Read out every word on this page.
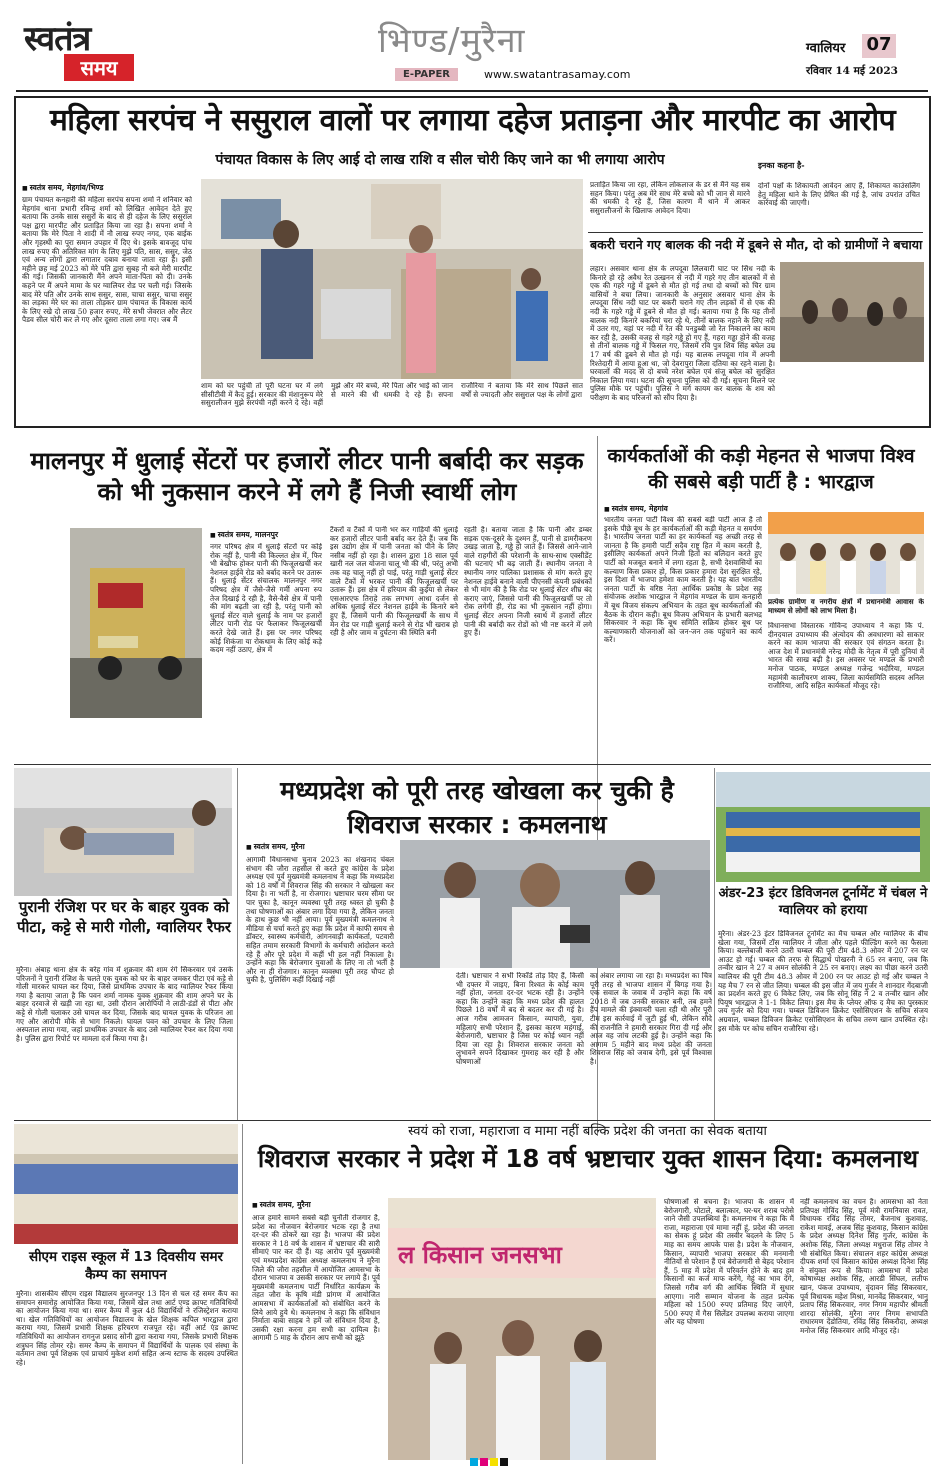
स्वतंत्र
समय
भिण्ड/मुरैना
E-PAPER	www.swatantrasamay.com
ग्वालियर 07
रविवार 14 मई 2023
महिला सरपंच ने ससुराल वालों पर लगाया दहेज प्रताड़ना और मारपीट का आरोप
पंचायत विकास के लिए आई दो लाख राशि व सील चोरी किए जाने का भी लगाया आरोप
■ स्वतंत्र समय, मेहगांव/भिण्ड
ग्राम पंचायत कनहारी की महिला सरपंच सपना शर्मा ने शनिवार को मेहगांव थाना प्रभारी रविन्द्र शर्मा को लिखित आवेदन देते हुए बताया कि उनके सास ससुरों के बाद से ही दहेज के लिए ससुराल पक्ष द्वारा मारपीट और प्रताड़ित किया जा रहा है। सपना शर्मा ने बताया कि मेरे पिता ने शादी में नौ लाख रुपए नगद, एक बाईक और गृहस्थी का पूरा समान उपहार में दिए थे। इसके बावजूद पांच लाख रुपए की अतिरिक्त मांग के लिए मुझे पति, सास, ससुर, जेठ एवं अन्य लोगों द्वारा लगातार दबाव बनाया जाता रहा है। इसी महीने छह मई 2023 को मेरे पति द्वारा सुबह नौ बजे मेरी मारपीट की गई। जिसकी जानकारी मैंने अपने माता-पिता को दी। उनके कहने पर मैं अपने मामा के घर ग्वालियर रोड पर चली गई। जिसके बाद मेरे पति और उनके साथ ससुर, सास, चाचा ससुर, चाचा ससुर का लड़का मेरे घर का ताला तोड़कर ग्राम पंचायत के विकास कार्य के लिए रखे दो लाख 50 हजार रुपए, मेरे सभी जेवरात और लैटर पैडव सील चोरी कर ले गए और दूसरा ताला लगा गए। जब मैं
शाम को घर पहुंची तो पूरी घटना घर में लगे सीसीटीवी में कैद हुई। सरकार की मंशानुरूप मेरे ससुरालीजन मुझे सरपंची नहीं करने दे रहे। वहीं मुझे और मेरे बच्चे, मेरे पिता और भाई को जान से मारने की धी धमकी दे रहे हैं। सपना राजौरिया ने बताया कि मेरे साथ पिछले सात वर्षों से ज्यादती और ससुराल पक्ष के लोगों द्वारा
प्रताड़ित किया जा रहा, लेकिन लोकलाज के डर से मैंने यह सब सहन किया। परंतु अब मेरे साथ मेरे बच्चे को भी जान से मारने की धमकी दे रहे हैं, जिस कारण मैं थाने में आकर ससुरालीजनों के खिलाफ आवेदन दिया।
इनका कहना है-
दोनों पक्षों के शिकायती आवेदन आए हैं, शिकायत काउंसलिंग हेतु महिला थाने के लिए प्रेषित की गई है, जांच उपरांत उचित कार्रवाई की जाएगी।
बकरी चराने गए बालक की नदी में डूबने से मौत, दो को ग्रामीणों ने बचाया
लहार। असवार थाना क्षेत्र के लपदूवा लिलवारी घाट पर सिंध नदी के किनारे हो रहे अवैध रेत उत्खनन से नदी में गहरे गए तीन बालकों में से एक की गहरे गड्ढे में डूबने से मौत हो गई तथा दो बच्चों को चिर ग्राम वासियों ने बचा लिया। जानकारी के अनुसार असवार थाना क्षेत्र के लपदूवा सिंध नदी घाट पर बकरी चराने गए तीन लड़कों में से एक की नदी के गहरे गड्ढे में डूबने से मौत हो गई। बताया गया है कि यह तीनों बालक नदी किनारे बकरियां चरा रहे थे, तीनों बालक नहाने के लिए नदी में उतर गए, यहां पर नदी में रेत की पनडुब्बी जो रेत निकालने का काम कर रही है, उसकी वजह से गहरे गड्ढे हो गए हैं, गहरा गड्ढा होने की वजह से तीनों बालक गड्ढे में फिसल गए, जिसमें रवि पुत्र शिव सिंह बघेल उम्र 17 वर्ष की डूबने से मौत हो गई। यह बालक लपदूवा गांव में अपनी रिश्तेदारी में आया हुआ था, जो देवरापुरा जिला दतिया का रहने वाला है। घरवालों की मदद से दो बच्चे नरेश बघेल एवं संजू बघेल को सुरक्षित निकाल लिया गया। घटना की सूचना पुलिस को दी गई। सूचना मिलने पर पुलिस मौके पर पहुंची। पुलिस ने मर्ग कायम कर बालक के शव को परीक्षण के बाद परिजनों को सौंप दिया है।
मालनपुर में धुलाई सेंटरों पर हजारों लीटर पानी बर्बादी कर सड़क को भी नुकसान करने में लगे हैं निजी स्वार्थी लोग
■ स्वतंत्र समय, मालनपुर
नगर परिषद क्षेत्र में धुलाई सेंटरों पर कोई रोक नहीं है, पानी की किल्लत क्षेत्र में, फिर भी बेखौफ होकर पानी की फिजूलखर्ची कर नेशनल हाईवे रोड को बर्बाद करने पर उतारू हैं। धुलाई सेंटर संचालक मालनपुर नगर परिषद क्षेत्र में जैसे-जैसे गर्मी अपना रुप तेज दिखाई दे रही है, वैसे-वैसे क्षेत्र में पानी की मांग बढ़ती जा रही है, परंतु पानी को धुलाई सेंटर वाले धुलाई के नाम पर हजारों लीटर पानी रोड पर फैलाकर फिजूलखर्ची करते देखे जाते हैं। इस पर नगर परिषद कोई शिकंजा या रोकथाम के लिए कोई कड़े कदम नहीं उठाए, क्षेत्र में
टैंकरों व टैंकों में पानी भर कर गाड़ियों की धुलाई कर हजारों लीटर पानी बर्बाद कर देते हैं। जब कि इस उद्योग क्षेत्र में पानी जनता को पीने के लिए नसीब नहीं हो रहा है। शासन द्वारा 18 साल पूर्व खारी नल जल योजना चालू भी की थी, परंतु अभी तक वह चालू नहीं हो पाई, परंतु गाड़ी धुलाई सेंटर वाले टैंकों में भरकर पानी की फिजूलखर्ची पर उतारू हैं। इस क्षेत्र में हरियाम की कुईया से लेकर एसआरएफ तिराहे तक लगभग आधा दर्जन से अधिक धुलाई सेंटर नेशनल हाईवे के किनारे बने हुए हैं, जिसमें पानी की फिजूलखर्ची के साथ में मेन रोड पर गाड़ी धुलाई करने से रोड भी खराब हो रही है और जाम व दुर्घटना की स्थिति बनी
रहती है। बताया जाता है कि पानी और डम्बर सड़क एक-दूसरे के दुश्मन हैं, पानी से डामरीकरण उखड़ जाता है, गड्ढे हो जाते हैं। जिससे आने-जाने वाले राहगीरों की परेशानी के साथ-साथ एक्सीडेंट की घटनाएं भी बढ़ जाती हैं। स्थानीय जनता ने स्थानीय नगर पालिका प्रशासक से मांग करते हुए नेशनल हाईवे बनाने वाली पीएनसी कंपनी प्रबंधकों से भी मांग की है कि रोड पर धुलाई सेंटर शीघ्र बंद कराए जाएं, जिससे पानी की फिजूलखर्ची पर तो रोक लगेगी ही, रोड का भी नुकसान नहीं होगा। धुलाई सेंटर अपना निजी स्वार्थ में हजारों लीटर पानी की बर्बादी कर रोडों को भी नष्ट करने में लगे हुए हैं।
कार्यकर्ताओं की कड़ी मेहनत से भाजपा विश्व की सबसे बड़ी पार्टी है : भारद्वाज
■ स्वतंत्र समय, मेहगांव
भारतीय जनता पार्टी विश्व की सबसे बड़ी पार्टी आज है तो इसके पीछे बूथ के हर कार्यकर्ताओं की कड़ी मेहनत व समर्पण है। भारतीय जनता पार्टी का हर कार्यकर्ता यह अच्छी तरह से जानता है कि हमारी पार्टी सदैव राष्ट्र हित में काम करती है, इसीलिए कार्यकर्ता अपने निजी हितों का बलिदान करते हुए पार्टी को मजबूत बनाने में लगा रहता है, सभी देशवासियों का कल्याण किस प्रकार हो, किस प्रकार हमारा देश सुरक्षित रहे, इस दिशा में भाजपा हमेशा काम करती है। यह बात भारतीय जनता पार्टी के वरिष्ठ नेता आर्थिक प्रकोष्ठ के प्रदेश सह संयोजक अशोक भारद्वाज ने मेहगांव मण्डल के ग्राम कनहारी में बूथ विजय संकल्प अभियान के तहत बूथ कार्यकर्ताओं की बैठक के दौरान कही। बूथ विजय अभियान के प्रभारी बलभद्र सिकरवार ने कहा कि बूथ समिति सक्रिय होकर बूथ पर कल्याणकारी योजनाओं को जन-जन तक पहुंचाने का कार्य करें।
प्रत्येक ग्रामीण व नगरीय क्षेत्रों में प्रधानमंत्री आवास के माध्यम से लोगों को लाभ मिला है।
विधानसभा विस्तारक गोविन्द उपाध्याय ने कहा कि पं. दीनदयाल उपाध्याय की अंत्योदय की अवधारणा को साकार करने का काम भाजपा की सरकार एवं संगठन करता है। आज देश में प्रधानमंत्री नरेन्द्र मोदी के नेतृत्व में पूरी दुनियां में भारत की साख बढ़ी है। इस अवसर पर मण्डल के प्रभारी मनोज पाठक, मण्डल अध्यक्ष गजेन्द्र भदौरिया, मण्डल महामंत्री कालीचरण शाक्य, जिला कार्यसमिति सदस्य अनिल राजौरिया, आदि सहित कार्यकर्ता मौजूद रहे।
पुरानी रंजिश पर घर के बाहर युवक को पीटा, कट्टे से मारी गोली, ग्वालियर रैफर
मुरैना। अंबाह थाना क्षेत्र के बरेह गांव में शुक्रवार की शाम रंगे सिकरवार एवं उसके परिजनों ने पुरानी रंजिश के चलते एक युवक को घर के बाहर जमकर पीटा एवं कट्टे से गोली मारकर घायल कर दिया, जिसे प्राथमिक उपचार के बाद ग्वालियर रैफर किया गया है बताया जाता है कि पवन शर्मा नामक युवक शुक्रवार की शाम अपने घर के बाहर दरवाजे से खड़ी जा रहा था, उसी दौरान आरोपियों ने लाठी-डंडों से पीटा और कट्टे से गोली चलाकर उसे घायल कर दिया, जिसके बाद घायल युवक के परिजन आ गए और आरोपी मौके से भाग निकले। घायल पवन को उपचार के लिए जिला अस्पताल लाया गया, जहां प्राथमिक उपचार के बाद उसे ग्वालियर रैफर कर दिया गया है। पुलिस द्वारा रिपोर्ट पर मामला दर्ज किया गया है।
मध्यप्रदेश को पूरी तरह खोखला कर चुकी है शिवराज सरकार : कमलनाथ
■ स्वतंत्र समय, मुरैना
आगामी विधानसभा चुनाव 2023 का शंखनाद चंबल संभाग की जौरा तहसील से करते हुए कांग्रेस के प्रदेश अध्यक्ष एवं पूर्व मुख्यमंत्री कमलनाथ ने कहा कि मध्यप्रदेश को 18 वर्षों में शिवराज सिंह की सरकार ने खोखला कर दिया है। ना भर्ती है, ना रोजगार। भ्रष्टाचार चरम सीमा पर पार चुका है, कानून व्यवस्था पूरी तरह ध्वस्त हो चुकी है तथा घोषणाओं का अंबार लगा दिया गया है, लेकिन जनता के हाथ कुछ भी नहीं आया। पूर्व मुख्यमंत्री कमलनाथ ने मीडिया से चर्चा करते हुए कहा कि प्रदेश में काफी समय से डॉक्टर, स्वास्थ्य कर्मचारी, आंगनवाड़ी कार्यकर्ता, पटवारी सहित तमाम सरकारी विभागों के कर्मचारी आंदोलन करते रहे हैं और पूरे प्रदेश में कहीं भी हल नहीं निकाला है। उन्होंने कहा कि बेरोजगार युवाओं के लिए ना तो भर्ती है और ना ही रोजगार। कानून व्यवस्था पूरी तरह चौपट हो चुकी है, पुलिसिंग कहीं दिखाई नहीं	देती। भ्रष्टाचार ने सभी रिकॉर्ड तोड़ दिए हैं, किसी भी दफ्तर में जाइए, बिना रिश्वत के कोई काम नहीं होता, जनता दर-दर भटक रही है। उन्होंने कहा कि उन्होंने कहा कि मध्य प्रदेश की हालत पिछले 18 वर्षों में बद से बदतर कर दी गई है। आज गरीब आमजन किसान, व्यापारी, युवा, महिलाएं सभी परेशान हैं, इसका कारण महंगाई, बेरोजगारी, भ्रष्टाचार है जिस पर कोई ध्यान नहीं दिया जा रहा है। शिवराज सरकार जनता को लुभावने सपने दिखाकर गुमराह कर रही है और घोषणाओं
का अंबार लगाया जा रहा है। मध्यप्रदेश का चित्र पूरी तरह से भाजपा शासन में बिगड़ गया है। एक सवाल के जवाब में उन्होंने कहा कि वर्ष 2018 में जब उनकी सरकार बनी, तब हमने हैंप मामले की इंक्वायरी चला रही थी और पूरी टीम इस कार्रवाई में जुटी हुई थी, लेकिन सौदे की राजनीति ने हमारी सरकार गिरा दी गई और आज वह जांच लटकी हुई है। उन्होंने कहा कि आगाम 5 महीने बाद मध्य प्रदेश की जनता शिवराज सिंह को जवाब देगी, इसे पूर्व विश्वास है।
अंडर-23 इंटर डिविजनल टूर्नामेंट में चंबल ने ग्वालियर को हराया
मुरैना। अंडर-23 इंटर डिविजनल टूर्नामेंट का मैच चम्बल और ग्वालियर के बीच खेला गया, जिसमें टॉस ग्वालियर ने जीता और पहले फील्डिंग करने का फैसला किया। बल्लेबाजी करने उतरी चम्बल की पूरी टीम 48.3 ओवर में 207 रन पर आउट हो गई। चम्बल की तरफ से सिद्धार्थ पोखरनी ने 65 रन बनाए, जब कि तन्वीर खान ने 27 व अमन सोलंकी ने 25 रन बनाए। लक्ष्य का पीछा करने उतरी ग्वालियर की पूरी टीम 48.3 ओवर में 200 रन पर आउट हो गई और चम्बल ने यह मैच 7 रन से जीत लिया। चम्बल की इस जीत में जय गुर्जर ने शानदार गेंदबाजी का प्रदर्शन करते हुए 6 विकेट लिए, जब कि सोनू सिंह ने 2 व तन्वीर खान और पियूष भारद्वाज ने 1-1 विकेट लिया। इस मैच के प्लेयर ऑफ द मैच का पुरस्कार जय गुर्जर को दिया गया। चम्बल डिविजन क्रिकेट एसोसिएशन के सचिव संजय अग्रवाल, चम्बल डिविजन क्रिकेट एसोसिएशन के सचिव तरुण खान उपस्थित रहे। इस मौके पर कोच सचिन राजौरिया रहे।
सीएम राइस स्कूल में 13 दिवसीय समर कैम्प का समापन
मुरैना। शासकीय सीएम राइस विद्यालय सुरजनपुर 13 दिन से चल रहे समर कैंप का समापन समारोह आयोजित किया गया, जिसमें खेल तथा आर्ट एण्ड क्राफ्ट गतिविधियों का आयोजन किया गया था। समर कैम्प में कुल 48 विद्यार्थियों ने रजिस्ट्रेशन कराया था। खेल गतिविधियों का आयोजन विद्यालय के खेल शिक्षक कपिल भारद्वाज द्वारा कराया गया, जिसमें प्रभारी शिक्षक हरिचरण राजपूत रहे। वहीं आर्ट एंड क्राफ्ट गतिविधियों का आयोजन रागनुज प्रसाद सोनी द्वारा कराया गया, जिसके प्रभारी शिक्षक शत्रुघन सिंह तोमर रहे। समर कैम्प के समापन में विद्यार्थियों के पालक एवं संस्था के वर्तमान तथा पूर्व शिक्षक एवं प्राचार्य मुकेश शर्मा सहित अन्य स्टाफ के सदस्य उपस्थित रहे।
स्वयं को राजा, महाराजा व मामा नहीं बल्कि प्रदेश की जनता का सेवक बताया
शिवराज सरकार ने प्रदेश में 18 वर्ष भ्रष्टाचार युक्त शासन दिया: कमलनाथ
■ स्वतंत्र समय, मुरैना
आज हमारे सामने सबसे बड़ी चुनौती रोजगार है, प्रदेश का नौजवान बेरोजगार भटक रहा है तथा दर-दर की ठोकरें खा रहा है। भाजपा की प्रदेश सरकार ने 18 वर्ष के शासन में भ्रष्टाचार की सारी सीमाएं पार कर दी हैं। यह आरोप पूर्व मुख्यमंत्री एवं मध्यप्रदेश कांग्रेस अध्यक्ष कमलनाथ ने मुरैना जिले की जौरा तहसील में आयोजित आमसभा के दौरान भाजपा व उसकी सरकार पर लगाये हैं। पूर्व मुख्यमंत्री कमलनाथ पार्टी निर्धारित कार्यक्रम के तहत जौरा के कृषि मंडी प्रांगण में आयोजित आमसभा में कार्यकर्ताओं को संबोधित करने के लिये आये हुये थे। कमलनाथ ने कहा कि संविधान निर्माता बाबा साहब ने हमें जो संविधान दिया है, उसकी रक्षा करना हम सभी का दायित्व है। आगामी 5 माह के दौरान आप सभी को झूठे
ल किसान जनसभा
घोषणाओं से बचना है। भाजपा के शासन में बेरोजगारी, घोटाले, बलात्कार, घर-घर शराब परोसे जाने जैसी उपलब्धियां हैं। कमलनाथ ने कहा कि मैं राजा, महाराजा एवं मामा नहीं हूं, प्रदेश की जनता का सेवक हूं प्रदेश की तस्वीर बदलने के लिए 5 माह का समय आपके पास है। प्रदेश के नौजवान, किसान, व्यापारी भाजपा सरकार की मनमानी नीतियों से परेशान हैं एवं बेरोजगारी से बेहद परेशान हैं, 5 माह में प्रदेश में परिवर्तन होने के बाद हम किसानों का कर्ज माफ करेंगे, गेहूं का भाव देंगे, जिससे गरीब वर्ग की आर्थिक स्थिति में सुधार आएगा। नारी सम्मान योजना के तहत प्रत्येक महिला को 1500 रुपए प्रतिमाह दिए जाएंगे, 500 रुपए में गैस सिलेंडर उपलब्ध कराया जाएगा और यह घोषणा
नहीं कमलनाथ का वचन है। आमसभा को नेता प्रतिपक्ष गोविंद सिंह, पूर्व मंत्री रामनिवास रावत, विधायक रविंद्र सिंह तोमर, बैजनाथ कुशवाह, राकेश मावई, अजब सिंह कुशवाह, किसान कांग्रेस के प्रदेश अध्यक्ष दिनेश सिंह गुर्जर, कांग्रेस के अशोक सिंह, जिला अध्यक्ष मधुराज सिंह तोमर ने भी संबोधित किया। संचालन शहर कांग्रेस अध्यक्ष दीपक शर्मा एवं किसान कांग्रेस अध्यक्ष दिनेश सिंह ने संयुक्त रूप से किया। आमसभा में प्रदेश कोषाध्यक्ष अशोक सिंह, आरडी सिंघल, लतीफ खान, पंकज उपाध्याय, वृंदावन सिंह सिकरवार, पूर्व विधायक महेश मिश्रा, मानवेंद्र सिकरवार, भानु प्रताप सिंह सिकरवार, नगर निगम महापौर श्रीमती शारदा सोलंकी, मुरैना नगर निगम सभापति राधारमण देंडोतिया, रविंद्र सिंह सिकरौदा, अध्यक्ष मनोज सिंह सिकरवार आदि मौजूद रहे।
